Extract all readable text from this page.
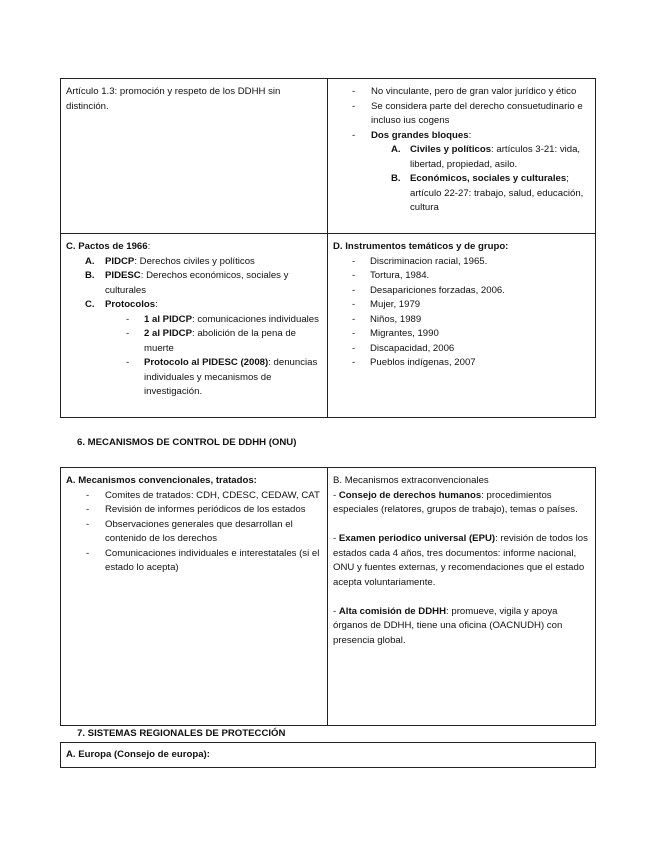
Artículo 1.3: promoción y respeto de los DDHH sin distinción.

- No vinculante, pero de gran valor jurídico y ético
- Se considera parte del derecho consuetudinario e incluso ius cogens
- Dos grandes bloques:
A. Civiles y políticos: artículos 3-21: vida, libertad, propiedad, asilo.
B. Económicos, sociales y culturales; artículo 22-27: trabajo, salud, educación, cultura
C. Pactos de 1966:
A. PIDCP: Derechos civiles y políticos
B. PIDESC: Derechos económicos, sociales y culturales
C. Protocolos:
- 1 al PIDCP: comunicaciones individuales
- 2 al PIDCP: abolición de la pena de muerte
- Protocolo al PIDESC (2008): denuncias individuales y mecanismos de investigación.
D. Instrumentos temáticos y de grupo:
- Discriminacion racial, 1965.
- Tortura, 1984.
- Desapariciones forzadas, 2006.
- Mujer, 1979
- Niños, 1989
- Migrantes, 1990
- Discapacidad, 2006
- Pueblos indígenas, 2007
6. MECANISMOS DE CONTROL DE DDHH (ONU)
A. Mecanismos convencionales, tratados:
- Comites de tratados: CDH, CDESC, CEDAW, CAT
- Revisión de informes periódicos de los estados
- Observaciones generales que desarrollan el contenido de los derechos
- Comunicaciones individuales e interestatales (si el estado lo acepta)
B. Mecanismos extraconvencionales

- Consejo de derechos humanos: procedimientos especiales (relatores, grupos de trabajo), temas o países.

- Examen periodico universal (EPU): revisión de todos los estados cada 4 años, tres documentos: informe nacional, ONU y fuentes externas, y recomendaciones que el estado acepta voluntariamente.

- Alta comisión de DDHH: promueve, vigila y apoya órganos de DDHH, tiene una oficina (OACNUDH) con presencia global.

7. SISTEMAS REGIONALES DE PROTECCIÓN
A. Europa (Consejo de europa):
